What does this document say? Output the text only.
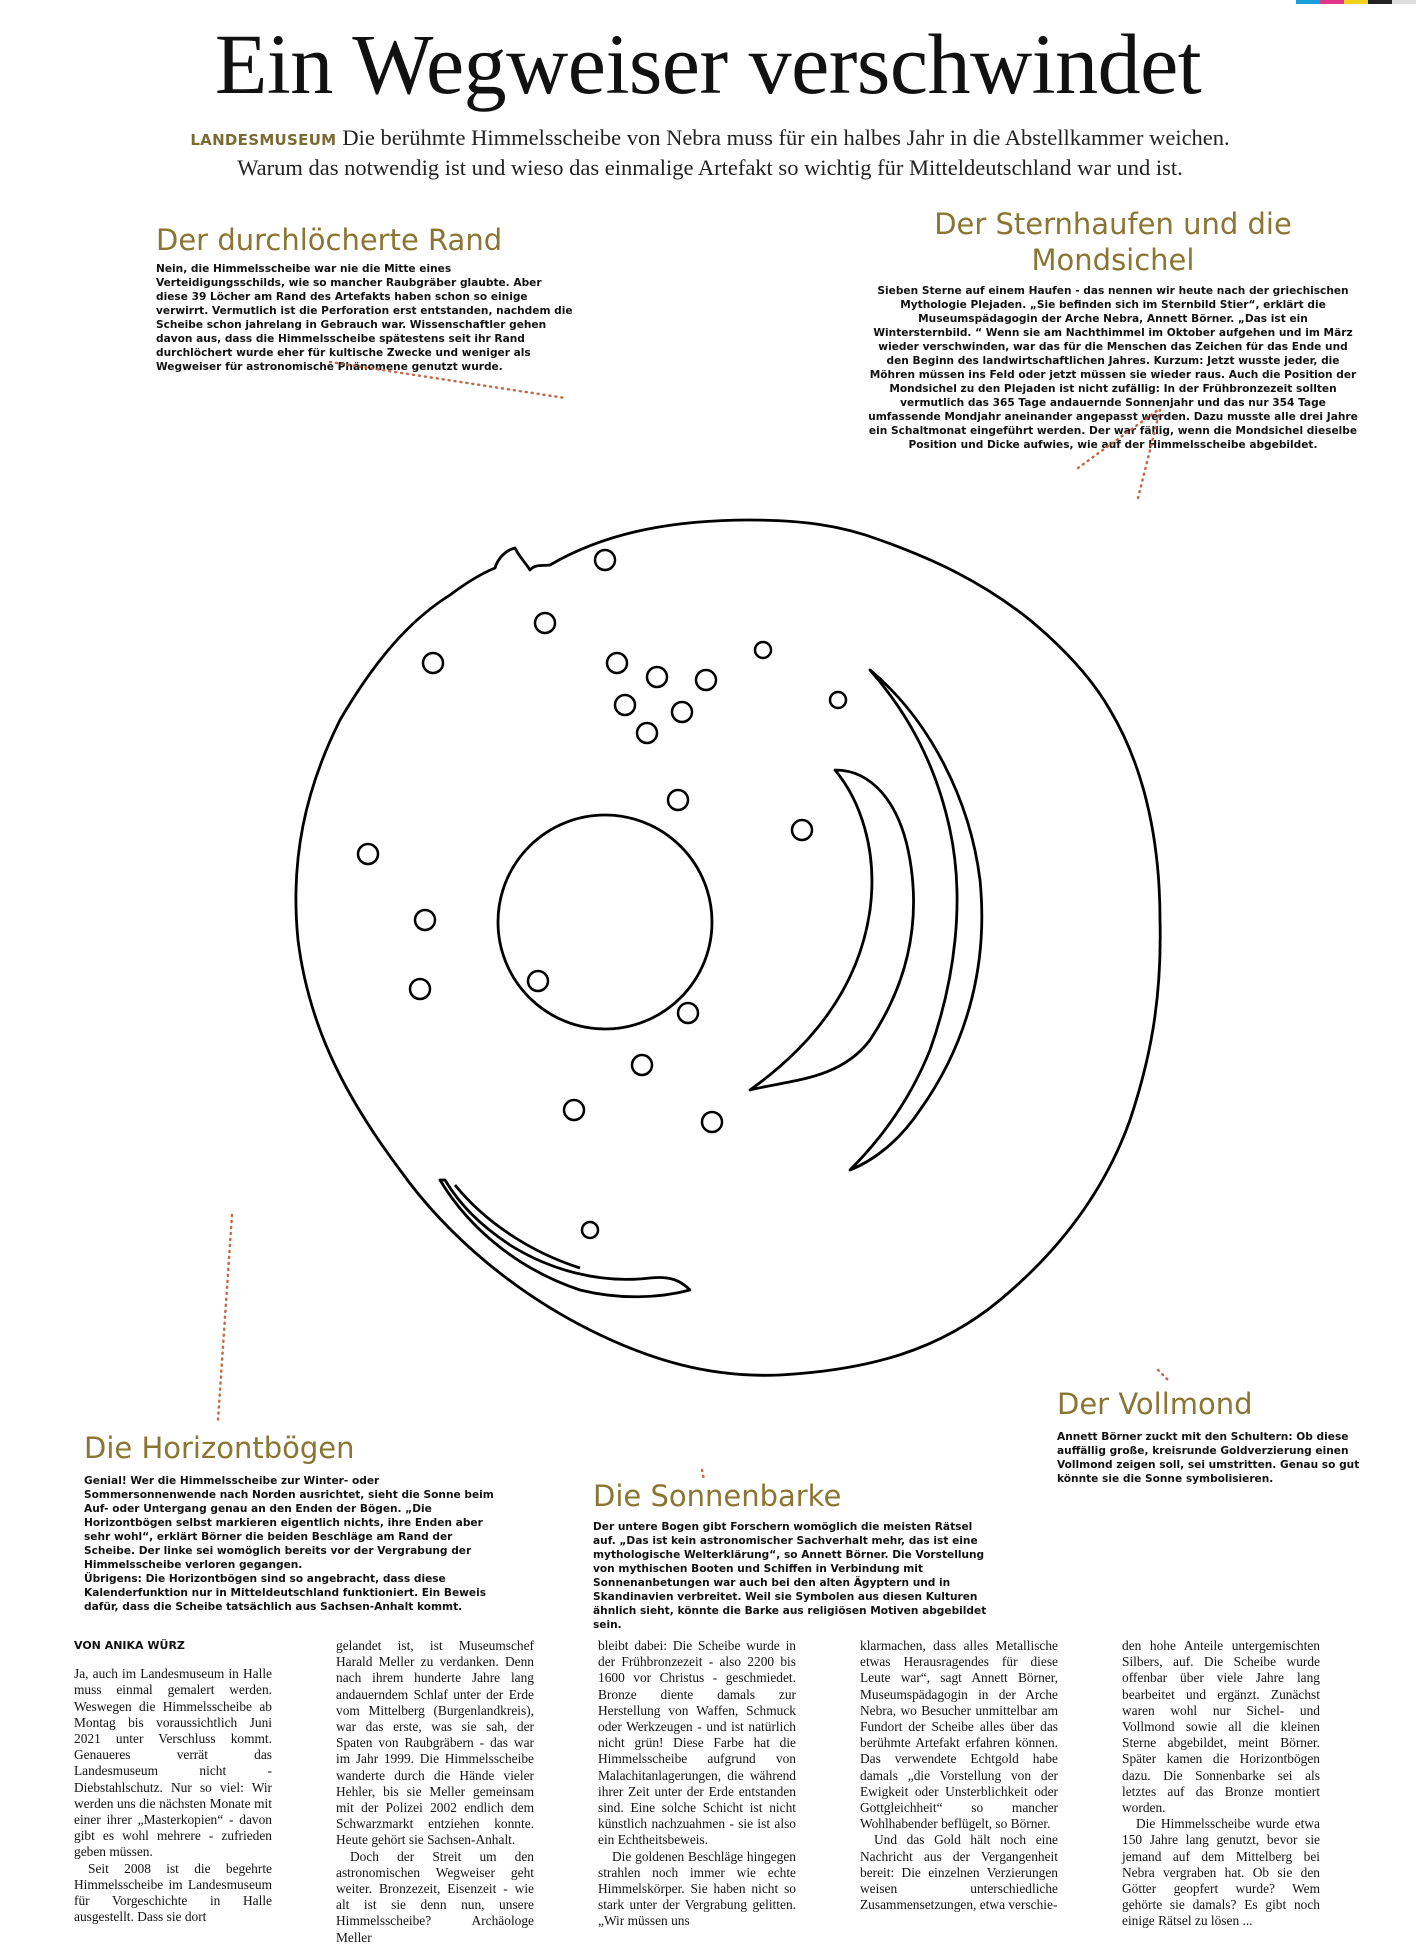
Ein Wegweiser verschwindet
LANDESMUSEUM Die berühmte Himmelsscheibe von Nebra muss für ein halbes Jahr in die Abstellkammer weichen.
Warum das notwendig ist und wieso das einmalige Artefakt so wichtig für Mitteldeutschland war und ist.
Der durchlöcherte Rand

Nein, die Himmelsscheibe war nie die Mitte eines Verteidigungsschilds, wie so mancher Raubgräber glaubte. Aber diese 39 Löcher am Rand des Artefakts haben schon so einige verwirrt. Vermutlich ist die Perforation erst entstanden, nachdem die Scheibe schon jahrelang in Gebrauch war. Wissenschaftler gehen davon aus, dass die Himmelsscheibe spätestens seit ihr Rand durchlöchert wurde eher für kultische Zwecke und weniger als Wegweiser für astronomische Phänomene genutzt wurde.

Der Sternhaufen und die Mondsichel

Sieben Sterne auf einem Haufen - das nennen wir heute nach der griechischen Mythologie Plejaden. „Sie befinden sich im Sternbild Stier“, erklärt die Museumspädagogin der Arche Nebra, Annett Börner. „Das ist ein Wintersternbild. “ Wenn sie am Nachthimmel im Oktober aufgehen und im März wieder verschwinden, war das für die Menschen das Zeichen für das Ende und den Beginn des landwirtschaftlichen Jahres. Kurzum: Jetzt wusste jeder, die Möhren müssen ins Feld oder jetzt müssen sie wieder raus. Auch die Position der Mondsichel zu den Plejaden ist nicht zufällig: In der Frühbronzezeit sollten vermutlich das 365 Tage andauernde Sonnenjahr und das nur 354 Tage umfassende Mondjahr aneinander angepasst werden. Dazu musste alle drei Jahre ein Schaltmonat eingeführt werden. Der war fällig, wenn die Mondsichel dieselbe Position und Dicke aufwies, wie auf der Himmelsscheibe abgebildet.

Die Horizontbögen

Genial! Wer die Himmelsscheibe zur Winter- oder Sommersonnenwende nach Norden ausrichtet, sieht die Sonne beim Auf- oder Untergang genau an den Enden der Bögen. „Die Horizontbögen selbst markieren eigentlich nichts, ihre Enden aber sehr wohl“, erklärt Börner die beiden Beschläge am Rand der Scheibe. Der linke sei womöglich bereits vor der Vergrabung der Himmelsscheibe verloren gegangen.

Übrigens: Die Horizontbögen sind so angebracht, dass diese Kalenderfunktion nur in Mitteldeutschland funktioniert. Ein Beweis dafür, dass die Scheibe tatsächlich aus Sachsen-Anhalt kommt.

Die Sonnenbarke

Der untere Bogen gibt Forschern womöglich die meisten Rätsel auf. „Das ist kein astronomischer Sachverhalt mehr, das ist eine mythologische Welterklärung“, so Annett Börner. Die Vorstellung von mythischen Booten und Schiffen in Verbindung mit Sonnenanbetungen war auch bei den alten Ägyptern und in Skandinavien verbreitet. Weil sie Symbolen aus diesen Kulturen ähnlich sieht, könnte die Barke aus religiösen Motiven abgebildet sein.

Der Vollmond

Annett Börner zuckt mit den Schultern: Ob diese auffällig große, kreisrunde Goldverzierung einen Vollmond zeigen soll, sei umstritten. Genau so gut könnte sie die Sonne symbolisieren.

VON ANIKA WÜRZ

Ja, auch im Landesmuseum in Halle muss einmal gemalert werden. Weswegen die Himmelsscheibe ab Montag bis voraussichtlich Juni 2021 unter Verschluss kommt. Genaueres verrät das Landesmuseum nicht - Diebstahlschutz. Nur so viel: Wir werden uns die nächsten Monate mit einer ihrer „Masterkopien“ - davon gibt es wohl mehrere - zufrieden geben müssen.

Seit 2008 ist die begehrte Himmelsscheibe im Landesmuseum für Vorgeschichte in Halle ausgestellt. Dass sie dort

gelandet ist, ist Museumschef Harald Meller zu verdanken. Denn nach ihrem hunderte Jahre lang andauerndem Schlaf unter der Erde vom Mittelberg (Burgenlandkreis), war das erste, was sie sah, der Spaten von Raubgräbern - das war im Jahr 1999. Die Himmelsscheibe wanderte durch die Hände vieler Hehler, bis sie Meller gemeinsam mit der Polizei 2002 endlich dem Schwarzmarkt entziehen konnte. Heute gehört sie Sachsen-Anhalt.

Doch der Streit um den astronomischen Wegweiser geht weiter. Bronzezeit, Eisenzeit - wie alt ist sie denn nun, unsere Himmelsscheibe? Archäologe Meller

bleibt dabei: Die Scheibe wurde in der Frühbronzezeit - also 2200 bis 1600 vor Christus - geschmiedet. Bronze diente damals zur Herstellung von Waffen, Schmuck oder Werkzeugen - und ist natürlich nicht grün! Diese Farbe hat die Himmelsscheibe aufgrund von Malachitanlagerungen, die während ihrer Zeit unter der Erde entstanden sind. Eine solche Schicht ist nicht künstlich nachzuahmen - sie ist also ein Echtheitsbeweis.

Die goldenen Beschläge hingegen strahlen noch immer wie echte Himmelskörper. Sie haben nicht so stark unter der Vergrabung gelitten. „Wir müssen uns

klarmachen, dass alles Metallische etwas Herausragendes für diese Leute war“, sagt Annett Börner, Museumspädagogin in der Arche Nebra, wo Besucher unmittelbar am Fundort der Scheibe alles über das berühmte Artefakt erfahren können. Das verwendete Echtgold habe damals „die Vorstellung von der Ewigkeit oder Unsterblichkeit oder Gottgleichheit“ so mancher Wohlhabender beflügelt, so Börner.

Und das Gold hält noch eine Nachricht aus der Vergangenheit bereit: Die einzelnen Verzierungen weisen unterschiedliche Zusammensetzungen, etwa verschie-

den hohe Anteile untergemischten Silbers, auf. Die Scheibe wurde offenbar über viele Jahre lang bearbeitet und ergänzt. Zunächst waren wohl nur Sichel- und Vollmond sowie all die kleinen Sterne abgebildet, meint Börner. Später kamen die Horizontbögen dazu. Die Sonnenbarke sei als letztes auf das Bronze montiert worden.

Die Himmelsscheibe wurde etwa 150 Jahre lang genutzt, bevor sie jemand auf dem Mittelberg bei Nebra vergraben hat. Ob sie den Götter geopfert wurde? Wem gehörte sie damals? Es gibt noch einige Rätsel zu lösen ...
